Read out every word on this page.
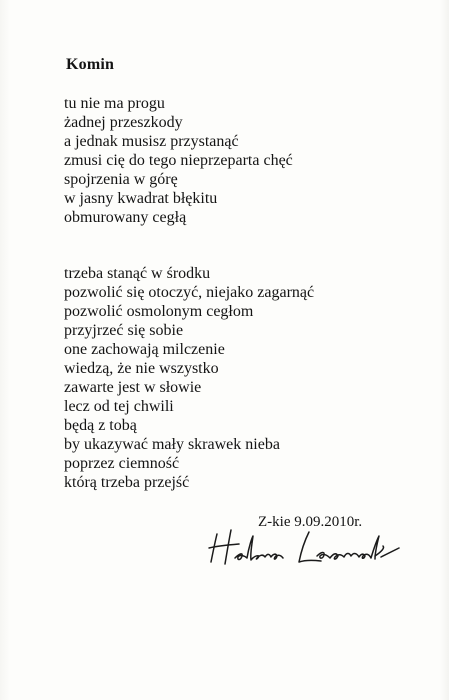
Komin
tu nie ma progu
żadnej przeszkody
a jednak musisz przystanąć
zmusi cię do tego nieprzeparta chęć
spojrzenia w górę
w jasny kwadrat błękitu
obmurowany cegłą
trzeba stanąć w środku
pozwolić się otoczyć, niejako zagarnąć
pozwolić osmolonym cegłom
przyjrzeć się sobie
one zachowają milczenie
wiedzą, że nie wszystko
zawarte jest w słowie
lecz od tej chwili
będą z tobą
by ukazywać mały skrawek nieba
poprzez ciemność
którą trzeba przejść
Z-kie 9.09.2010r.
